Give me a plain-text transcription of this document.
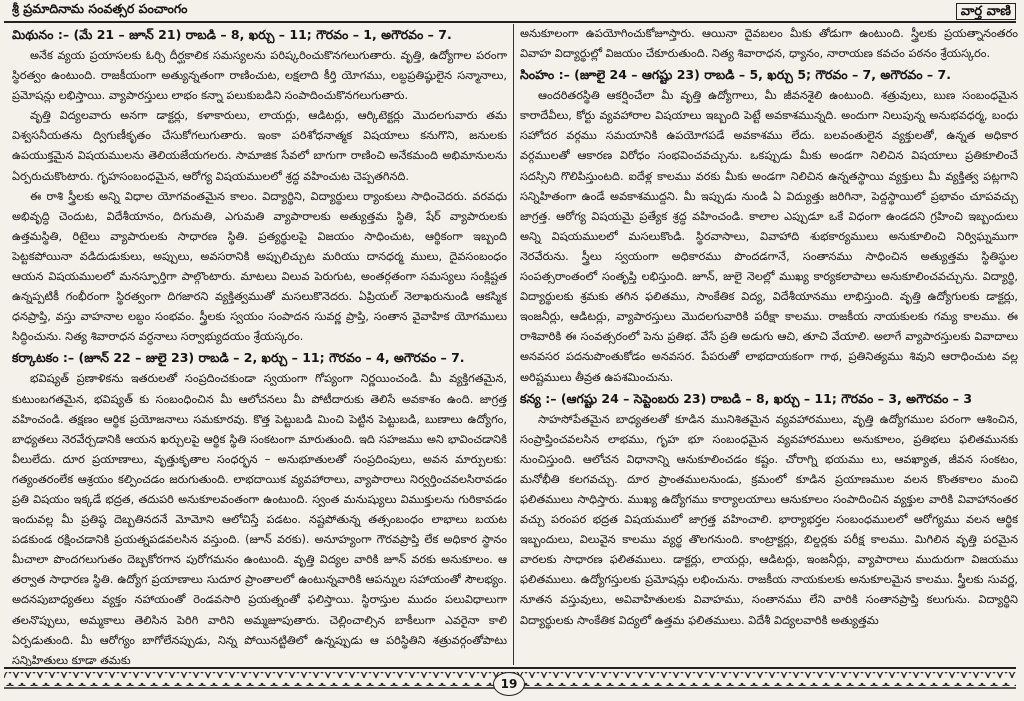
శ్రీ ప్రమాదినామ సంవత్సర పంచాంగం	వార్త వాణి
మిథునం :– (మే 21 – జూన్ 21) రాబడి – 8, ఖర్చు – 11; గౌరవం – 1, అగౌరవం – 7.

అనేక వ్యయ ప్రయాసలకు ఓర్చి దీర్ఘకాలిక సమస్యలను పరిష్కరించుకొనగలుగుతారు. వృత్తి, ఉద్యోగాల పరంగా స్థిరత్వం ఉంటుంది. రాజకీయంగా అత్యున్నతంగా రాణించుట, లక్షలాది కీర్తి యోగము, లబ్ధప్రతిష్ఠులైన సన్మానాలు, ప్రమోషన్లు లభిస్తాయి. వ్యాపారస్తులు లాభం కన్నా పలుకుబడిని సంపాదించుకొనగలుగుతారు.

వృత్తి విద్యలవారు అనగా డాక్టర్లు, కళాకారులు, లాయర్లు, ఆడిటర్లు, ఆర్కిటెక్టర్లు మొదలగువారు తమ విశ్వసనీయతను ద్విగుణీకృతం చేసుకోగలుగుతారు. ఇంకా పరిశోధనాత్మక విషయాలు కనుగొని, జనులకు ఉపయుక్తమైన విషయములను తెలియజేయగలరు. సామాజిక సేవలో బాగుగా రాణించి అనేకమంది అభిమానులను ఏర్పరుచుకొంటారు. గృహసంబంధమైన, ఆరోగ్య విషయములలో శ్రద్ధ వహించుట చెప్పతగినది.

ఈ రాశి స్త్రీలకు అన్ని విధాల యోగవంతమైన కాలం. విద్యార్థిని, విద్యార్థులు ర్యాంకులు సాధించెదరు. వరవధు అభివృద్ధి చెందుట, విదేశీయానం, దిగుమతి, ఎగుమతి వ్యాపారాలకు అత్యుత్తమ స్థితి, షేర్ వ్యాపారులకు ఉత్తమస్థితి, రిటైలు వ్యాపారులకు సాధారణ స్థితి. ప్రత్యర్థులపై విజయం సాధించుట, ఆర్థికంగా ఇబ్బంది పెట్టకపోయినా వడిదుడుకులు, అప్పులు, అవసరానికి అప్పులిచ్చుట మరియు దానధర్మ ములు, దైవసంబంధం ఆయన విషయములలో మనస్ఫూర్తిగా పాల్గొంటారు. మాటలు విలువ పెరుగుట, అంతర్గతంగా సమస్యలు సంక్లిష్టత ఉన్నప్పటికీ గంభీరంగా స్థిరత్వంగా దిగజారని వ్యక్తిత్వముతో మసలుకొనెదరు. ఏప్రియల్ నెలాఖరునుండి ఆకస్మిక ధనప్రాప్తి, వస్తు వాహనాల లబ్ధం సంభవం. స్త్రీలకు స్వయం సంపాదన సువర్ణ ప్రాప్తి, సంతాన వైవాహిక యోగములు సిద్ధించును. నిత్య శివారాధన వర్ధనాలు సర్వాభ్యుదయం శ్రేయస్కరం.

కర్కాటకం :– (జూన్ 22 – జులై 23) రాబడి – 2, ఖర్చు – 11; గౌరవం – 4, అగౌరవం – 7.

భవిష్యత్ ప్రణాళికను ఇతరులతో సంప్రదించకుండా స్వయంగా గోప్యంగా నిర్ణయించండి. మీ వ్యక్తిగతమైన, కుటుంబగతమైన, భవిష్యత్ కు సంబంధించిన మీ ఆలోచనలు మీ పోటీదారుకు తెలిసే అవకాశం ఉంది. జాగ్రత్త వహించండి. తక్షణం ఆర్థిక ప్రయోజనాలు సమకూరవు. కొత్త పెట్టుబడి మించి పెట్టిన పెట్టుబడి, బుణాలు ఉద్యోగం, బాధ్యతలు నెరవేర్చడానికి ఆయన ఖర్చులపై ఆర్థిక స్థితి సంకటంగా మారుతుంది. ఇది సహజము అని భావించడానికి వీలులేదు. దూర ప్రయాణాలు, వృత్తుకృతాల సంధర్భన – అనుభూతులతో సంప్రదింపులు, అవన మార్పులకు: గత్యంతరంలేక ఆశ్రయం కల్పించడం జరుగుతుంది. లాభదాయిక వ్యవహారాలు, వ్యాపారాలు నిర్వర్తించవలసిరావడం ప్రతి విషయం ఇక్కడే భద్రత, తదుపరి అనుకూలవంతంగా ఉంటుంది. స్వంత మనుష్యులు విముక్తులను గురికావడం ఇందువల్ల మీ ప్రతిష్ఠ దెబ్బతినదనే మోమోని ఆలోచిస్తే పడటం. నష్టపోతున్న తత్సంబంధం లాభాలు బయట పడకుండ రక్షించడానికి ప్రయత్నపడవలసిన వస్తుంది. (జూన్ వరకు). అనూహ్యంగా గౌరవప్రాప్తి లేక అధికార స్థానం మీచాలా పొందగలుగుతం దెబ్బకోరగాన పురోగమనం ఉంటుంది. వృత్తి విద్యల వారికి జూన్ వరకు అనుకూలం. ఆ తర్వాత సాధారణ స్థితి. ఉద్యోగ ప్రయాణాలు సుదూర ప్రాంతాలలో ఉంటున్నవారికి ఆపన్నుల సహాయంతో సౌలభ్యం. అదనపుబాధ్యతలు వ్యక్తం నహాయంతో రెండవసారి ప్రయత్నంతో ఫలిస్తాయి. స్థిరాస్తుల ముదం పలువిధాలుగా తలనొప్పులు, అమ్మకాలు తెలిసిన పెరిగి వారిని అమ్మజూపుతారు. చెల్లించాల్సిన బాకీలుగా ఎవరైనా కాలి ఏర్పడుతుంది. మీ ఆరోగ్యం బాగోలేనప్పుడు, నిన్న పోయినట్టితిలో ఉన్నప్పుడు ఆ పరిస్థితిని శత్రువర్గంతోపాటు సన్నిహితులు కూడా తమకు

అనుకూలంగా ఉపయోగించుకోజూస్తారు. ఆయినా దైవబలం మీకు తోడుగా ఉంటుంది. స్త్రీలకు ప్రయత్నానంతరం వివాహ విద్యార్థుల్లో విజయం చేకూరుతుంది. నిత్య శివారాధన, ధ్యానం, నారాయణ కవచం పఠనం శ్రేయస్కరం.

సింహం :– (జూలై 24 – ఆగష్టు 23) రాబడి – 5, ఖర్చు 5; గౌరవం – 7, అగౌరవం – 7.

ఆందరితరస్థితి ఆకర్షించేలా మీ వృత్తి ఉద్యోగాలు, మీ జీవనశైలి ఉంటుంది. శత్రువులు, బుణ సంబంధమైన కారాదేవీలు, కోర్టు వ్యవహారాల విషయాలు ఇబ్బంది పెట్టే అవకాశమున్నది. అందుగా నిలుపున్న అనుభవధర్మ, బంధు సహోదర వర్గము సమయానికి ఉపయోగపడే అవకాశము లేదు. బలవంతులైన వ్యక్తులతో, ఉన్నత అధికార వర్గములతో ఆకారణ విరోధం సంభవించవచ్చును. ఒకప్పుడు మీకు అండగా నిలిచిన విషయాలు ప్రతికూలించే సదస్సిని గొలిపిస్తుంటది. ఐదేళ్ల కాలము వరకు మీకు అండగా నిలిచిన ఉన్నతస్థాయి వ్యక్తులు మీ వ్యక్తిత్వ పట్లగాని సన్నిహితంగా ఉండే అవకాశముద్దని. మీ ఇప్పుడు నుండి ఏ విద్యుత్తు జరిగినా, పెద్దస్థాయిలో ప్రభావం చూపవచ్చు జాగ్రత్త. ఆరోగ్య విషయమై ప్రత్యేక శ్రద్ధ వహించండి. కాలాల ఎప్పుడూ ఒకే విధంగా ఉండదని గ్రహించి ఇబ్బందులు అన్ని విషయములలో మసలుకొండి. స్థిరవాసాలు, వివాహాది శుభకార్యములు అనుకూలించి నిర్విఘ్నముగా నెరవేరును. స్త్రీలు స్వయంగా అధికారము పొందడగానే, సంతానము సాధించిన అత్యుత్తమ స్థితిస్థుల సంపత్సరాంతంలో సంతృప్తి లభిస్తుంది. జూన్, జులై నెలల్లో ముఖ్య కార్యకలాపాలు అనుకూలించవచ్చును. విద్యార్థి, విద్యార్థులకు శ్రమకు తగిన ఫలితము, సాంకేతిక విద్య, విదేశీయానము లాభిస్తుంది. వృత్తి ఉద్యోగులకు డాక్టర్లు, ఇంజనీర్లు, ఆడిటర్లు, వ్యాపారస్తులు మొదలగువారికి పరీక్షా కాలము. రాజకీయ నాయకులకు గమ్య కాలము. ఈ రాశివారికి ఈ సంవత్సరంలో పెను ప్రతిభ. వేసే ప్రతి అడుగు ఆచి, తూచి వేయాలి. అలాగే వ్యాపారస్తులకు వివాదాలు అనవసర పదనుపొంతుకోడం అనవసర. పేపరుతో లాభదాయకంగా గాథ, ప్రతినిత్యము శివుని ఆరాధించుట వల్ల అరిష్టములు తీవ్రత ఉపశమించును.

కన్య :– (ఆగష్టు 24 – సెప్టెంబరు 23) రాబడి – 8, ఖర్చు – 11; గౌరవం – 3, అగౌరవం – 3

సాహసోపేతమైన బాధ్యతలతో కూడిన మునిశితమైన వ్యవహారములు, వృత్తి ఉద్యోగముల పరంగా ఆశించిన, సంప్రాప్తించవలసిన లాభము, గృహ భూ సంబంధమైన వ్యవహారములు అనుకూలం, ప్రతిభలు ఫలితమునకు నుంచిస్తుంది. ఆలోచన విధానాన్ని ఆనుకూలించడం కష్టం. చోరాగ్ని భయము లు, ఆవఖ్యాత, జీవన సంకటం, మనోభీతి కలగవచ్చు. దూర ప్రాంతములనుండు, క్రమంలో కూడిన ప్రయాణముల వలన కొంతకాలం మంచి ఫలితములు సాధిస్తారు. ముఖ్య ఉద్యోగము కార్యాలయాలు ఆనుకూలం సంపాదించిన వ్యక్తుల వారికి వివాహానంతర వచ్చు పరంపర భద్రత విషయములో జాగ్రత్త వహించాలి. భార్యాభర్తల సంబంధములలో ఆరోగ్యము వలన ఆర్థిక ఇబ్బందులు, విలువైన కాలము వ్యర్థ తొలగనుంది. కాంట్రాక్టర్లు, బిల్డర్లకు పరీక్ష కాలము. మిగిలిన వృత్తి పరమైన వారలకు సాధారణ ఫలితములు. డాక్టర్లు, లాయర్లు, ఆడిటర్లు, ఇంజనీర్లు, వ్యాపారాలు ముదురుగా విజయము ఫలితములు. ఉద్యోగస్తులకు ప్రమోషన్లు లభించును. రాజకీయ నాయకులకు అనుకూలమైన కాలము. స్త్రీలకు సువర్ణ, నూతన వస్తువులు, అవివాహితులకు వివాహము, సంతానము లేని వారికి సంతానప్రాప్తి కలుగును. విద్యార్థిని విద్యార్థులకు సాంకేతిక విద్యలో ఉత్తమ ఫలితములు. విదేశీ విద్యలవారికి అత్యుత్తమ

19
